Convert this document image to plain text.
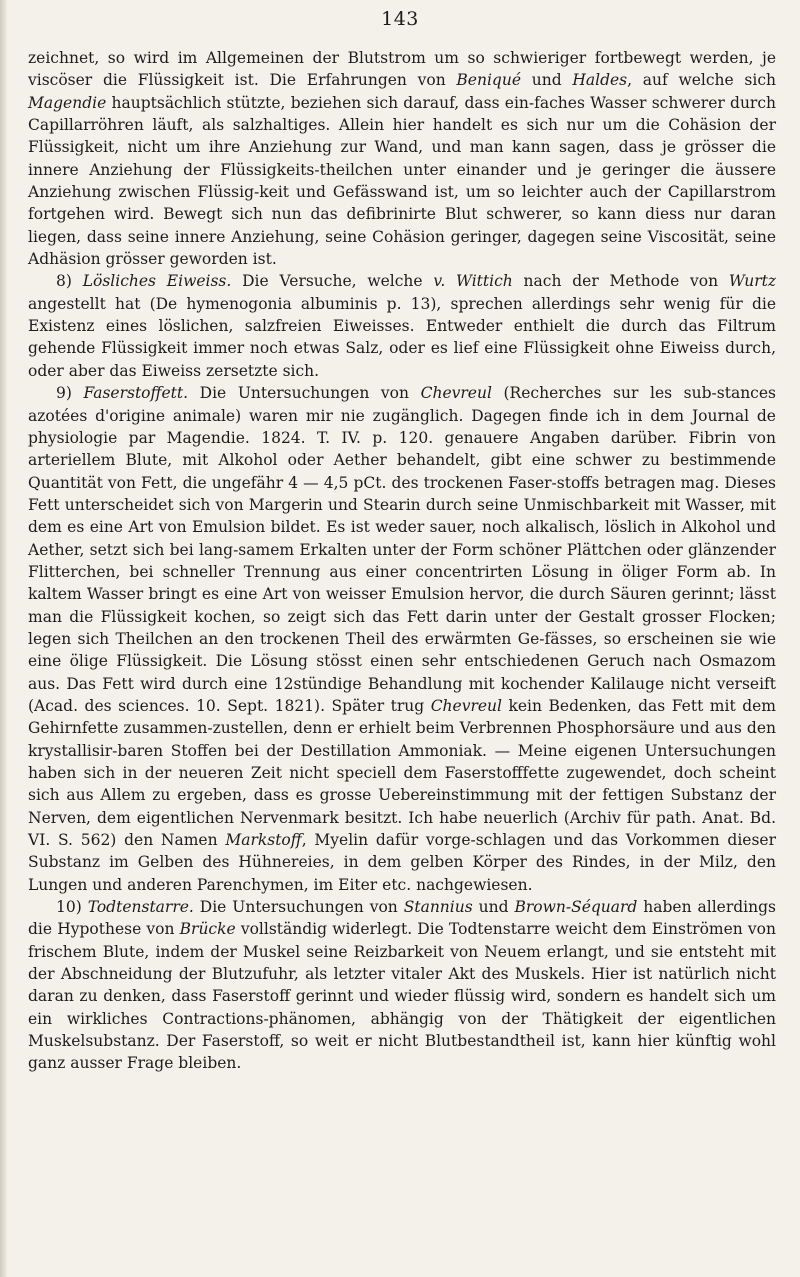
143

zeichnet, so wird im Allgemeinen der Blutstrom um so schwieriger fortbewegt werden, je viscöser die Flüssigkeit ist. Die Erfahrungen von Beniqué und Haldes, auf welche sich Magendie hauptsächlich stützte, beziehen sich darauf, dass ein-faches Wasser schwerer durch Capillarröhren läuft, als salzhaltiges. Allein hier handelt es sich nur um die Cohäsion der Flüssigkeit, nicht um ihre Anziehung zur Wand, und man kann sagen, dass je grösser die innere Anziehung der Flüssigkeits-theilchen unter einander und je geringer die äussere Anziehung zwischen Flüssig-keit und Gefässwand ist, um so leichter auch der Capillarstrom fortgehen wird. Bewegt sich nun das defibrinirte Blut schwerer, so kann diess nur daran liegen, dass seine innere Anziehung, seine Cohäsion geringer, dagegen seine Viscosität, seine Adhäsion grösser geworden ist.

8) Lösliches Eiweiss. Die Versuche, welche v. Wittich nach der Methode von Wurtz angestellt hat (De hymenogonia albuminis p. 13), sprechen allerdings sehr wenig für die Existenz eines löslichen, salzfreien Eiweisses. Entweder enthielt die durch das Filtrum gehende Flüssigkeit immer noch etwas Salz, oder es lief eine Flüssigkeit ohne Eiweiss durch, oder aber das Eiweiss zersetzte sich.

9) Faserstoffett. Die Untersuchungen von Chevreul (Recherches sur les sub-stances azotées d'origine animale) waren mir nie zugänglich. Dagegen finde ich in dem Journal de physiologie par Magendie. 1824. T. IV. p. 120. genauere Angaben darüber. Fibrin von arteriellem Blute, mit Alkohol oder Aether behandelt, gibt eine schwer zu bestimmende Quantität von Fett, die ungefähr 4 — 4,5 pCt. des trockenen Faser-stoffs betragen mag. Dieses Fett unterscheidet sich von Margerin und Stearin durch seine Unmischbarkeit mit Wasser, mit dem es eine Art von Emulsion bildet. Es ist weder sauer, noch alkalisch, löslich in Alkohol und Aether, setzt sich bei lang-samem Erkalten unter der Form schöner Plättchen oder glänzender Flitterchen, bei schneller Trennung aus einer concentrirten Lösung in öliger Form ab. In kaltem Wasser bringt es eine Art von weisser Emulsion hervor, die durch Säuren gerinnt; lässt man die Flüssigkeit kochen, so zeigt sich das Fett darin unter der Gestalt grosser Flocken; legen sich Theilchen an den trockenen Theil des erwärmten Ge-fässes, so erscheinen sie wie eine ölige Flüssigkeit. Die Lösung stösst einen sehr entschiedenen Geruch nach Osmazom aus. Das Fett wird durch eine 12stündige Behandlung mit kochender Kalilauge nicht verseift (Acad. des sciences. 10. Sept. 1821). Später trug Chevreul kein Bedenken, das Fett mit dem Gehirnfette zusammen-zustellen, denn er erhielt beim Verbrennen Phosphorsäure und aus den krystallisir-baren Stoffen bei der Destillation Ammoniak. — Meine eigenen Untersuchungen haben sich in der neueren Zeit nicht speciell dem Faserstofffette zugewendet, doch scheint sich aus Allem zu ergeben, dass es grosse Uebereinstimmung mit der fettigen Substanz der Nerven, dem eigentlichen Nervenmark besitzt. Ich habe neuerlich (Archiv für path. Anat. Bd. VI. S. 562) den Namen Markstoff, Myelin dafür vorge-schlagen und das Vorkommen dieser Substanz im Gelben des Hühnereies, in dem gelben Körper des Rindes, in der Milz, den Lungen und anderen Parenchymen, im Eiter etc. nachgewiesen.

10) Todtenstarre. Die Untersuchungen von Stannius und Brown-Séquard haben allerdings die Hypothese von Brücke vollständig widerlegt. Die Todtenstarre weicht dem Einströmen von frischem Blute, indem der Muskel seine Reizbarkeit von Neuem erlangt, und sie entsteht mit der Abschneidung der Blutzufuhr, als letzter vitaler Akt des Muskels. Hier ist natürlich nicht daran zu denken, dass Faserstoff gerinnt und wieder flüssig wird, sondern es handelt sich um ein wirkliches Contractions-phänomen, abhängig von der Thätigkeit der eigentlichen Muskelsubstanz. Der Faserstoff, so weit er nicht Blutbestandtheil ist, kann hier künftig wohl ganz ausser Frage bleiben.
